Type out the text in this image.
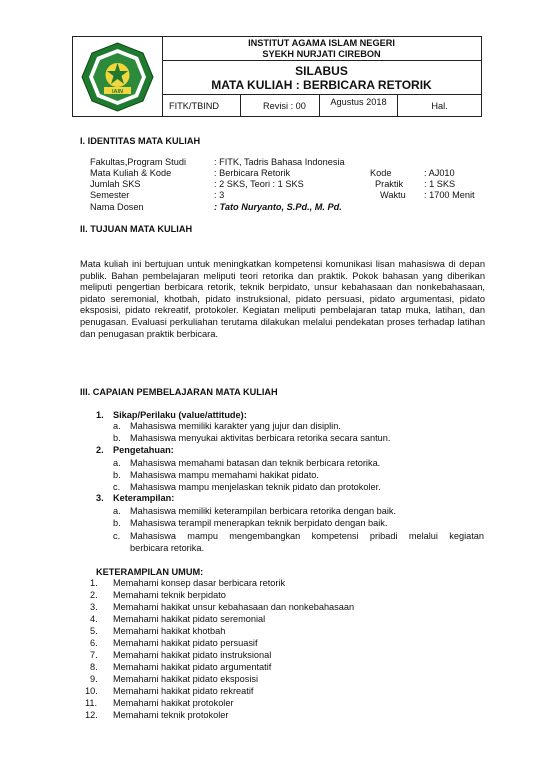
IAIN
INSTITUT AGAMA ISLAM NEGERI
SYEKH NURJATI CIREBON
SILABUS
MATA KULIAH : BERBICARA RETORIK
FITK/TBIND	Revisi : 00	Agustus 2018	Hal.
I. IDENTITAS MATA KULIAH
Fakultas,Program Studi	: FITK, Tadris Bahasa Indonesia
Mata Kuliah & Kode	: Berbicara Retorik	Kode	: AJ010
Jumlah SKS	: 2 SKS, Teori : 1 SKS	Praktik : 1 SKS
Semester	: 3	Waktu : 1700 Menit
Nama Dosen	: Tato Nuryanto, S.Pd., M. Pd.
II. TUJUAN MATA KULIAH
Mata kuliah ini bertujuan untuk meningkatkan kompetensi komunikasi lisan mahasiswa di depan publik. Bahan pembelajaran meliputi teori retorika dan praktik. Pokok bahasan yang diberikan meliputi pengertian berbicara retorik, teknik berpidato, unsur kebahasaan dan nonkebahasaan, pidato seremonial, khotbah, pidato instruksional, pidato persuasi, pidato argumentasi, pidato eksposisi, pidato rekreatif, protokoler. Kegiatan meliputi pembelajaran tatap muka, latihan, dan penugasan. Evaluasi perkuliahan terutama dilakukan melalui pendekatan proses terhadap latihan dan penugasan praktik berbicara.
III. CAPAIAN PEMBELAJARAN MATA KULIAH
1. Sikap/Perilaku (value/attitude):
a. Mahasiswa memiliki karakter yang jujur dan disiplin.
b. Mahasiswa menyukai aktivitas berbicara retorika secara santun.
2. Pengetahuan:
a. Mahasiswa memahami batasan dan teknik berbicara retorika.
b. Mahasiswa mampu memahami hakikat pidato.
c. Mahasiswa mampu menjelaskan teknik pidato dan protokoler.
3. Keterampilan:
a. Mahasiswa memiliki keterampilan berbicara retorika dengan baik.
b. Mahasiswa terampil menerapkan teknik berpidato dengan baik.
c. Mahasiswa mampu mengembangkan kompetensi pribadi melalui kegiatan
berbicara retorika.
KETERAMPILAN UMUM:
1. Memahami konsep dasar berbicara retorik
2. Memahami teknik berpidato
3. Memahami hakikat unsur kebahasaan dan nonkebahasaan
4. Memahami hakikat pidato seremonial
5. Memahami hakikat khotbah
6. Memahami hakikat pidato persuasif
7. Memahami hakikat pidato instruksional
8. Memahami hakikat pidato argumentatif
9. Memahami hakikat pidato eksposisi
10. Memahami hakikat pidato rekreatif
11. Memahami hakikat protokoler
12. Memahami teknik protokoler
